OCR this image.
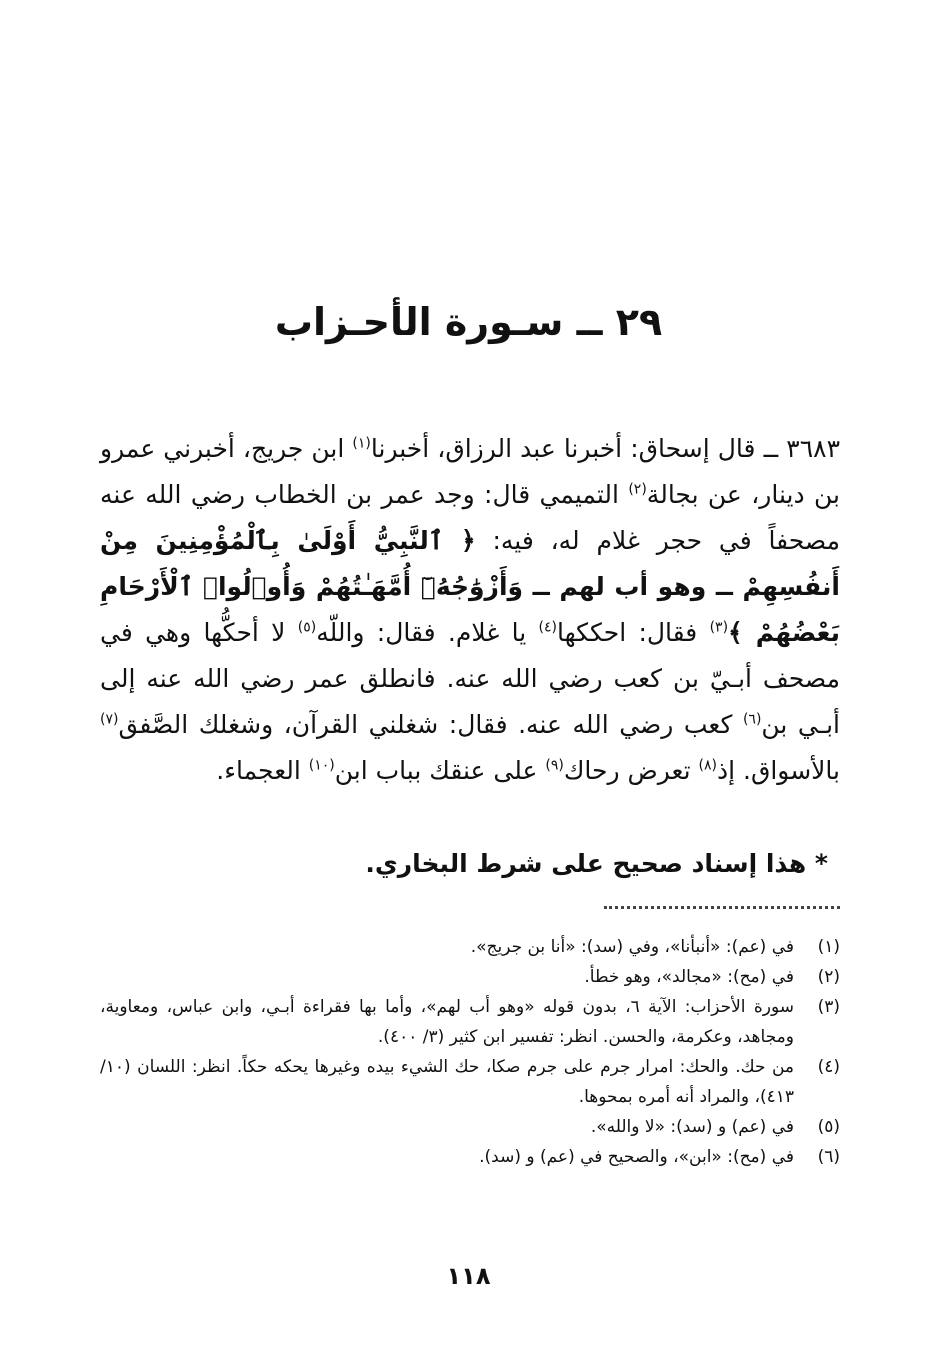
٢٩ ــ سـورة الأحـزاب
٣٦٨٣ ــ قال إسحاق: أخبرنا عبد الرزاق، أخبرنا$^{(١)}$ ابن جريج، أخبرني عمرو بن دينار، عن بجالة$^{(٢)}$ التميمي قال: وجد عمر بن الخطاب رضي الله عنه مصحفاً في حجر غلام له، فيه: ﴿ ٱلنَّبِيُّ أَوْلَىٰ بِٱلْمُؤْمِنِينَ مِنْ أَنفُسِهِمْ ــ وهو أب لهم ــ وَأَزْوَٰجُهُۥٓ أُمَّهَـٰتُهُمْ وَأُو۟لُوا۟ ٱلْأَرْحَامِ بَعْضُهُمْ ﴾$^{(٣)}$ فقال: احككها$^{(٤)}$ يا غلام. فقال: واللّه$^{(٥)}$ لا أحكُّها وهي في مصحف أبـيّ بن كعب رضي الله عنه. فانطلق عمر رضي الله عنه إلى أبـي بن$^{(٦)}$ كعب رضي الله عنه. فقال: شغلني القرآن، وشغلك الصَّفق$^{(٧)}$ بالأسواق. إذ$^{(٨)}$ تعرض رحاك$^{(٩)}$ على عنقك بباب ابن$^{(١٠)}$ العجماء.
* هذا إسناد صحيح على شرط البخاري.
(١)
في (عم): «أنبأنا»، وفي (سد): «أنا بن جريج».
(٢)
في (مح): «مجالد»، وهو خطأ.
(٣)
سورة الأحزاب: الآية ٦، بدون قوله «وهو أب لهم»، وأما بها فقراءة أبـي، وابن عباس، ومعاوية، ومجاهد، وعكرمة، والحسن. انظر: تفسير ابن كثير (٣/ ٤٠٠).
(٤)
من حك. والحك: امرار جرم على جرم صكا، حك الشيء بيده وغيرها يحكه حكاً. انظر: اللسان (١٠/ ٤١٣)، والمراد أنه أمره بمحوها.
(٥)
في (عم) و (سد): «لا والله».
(٦)
في (مح): «ابن»، والصحيح في (عم) و (سد).
١١٨
